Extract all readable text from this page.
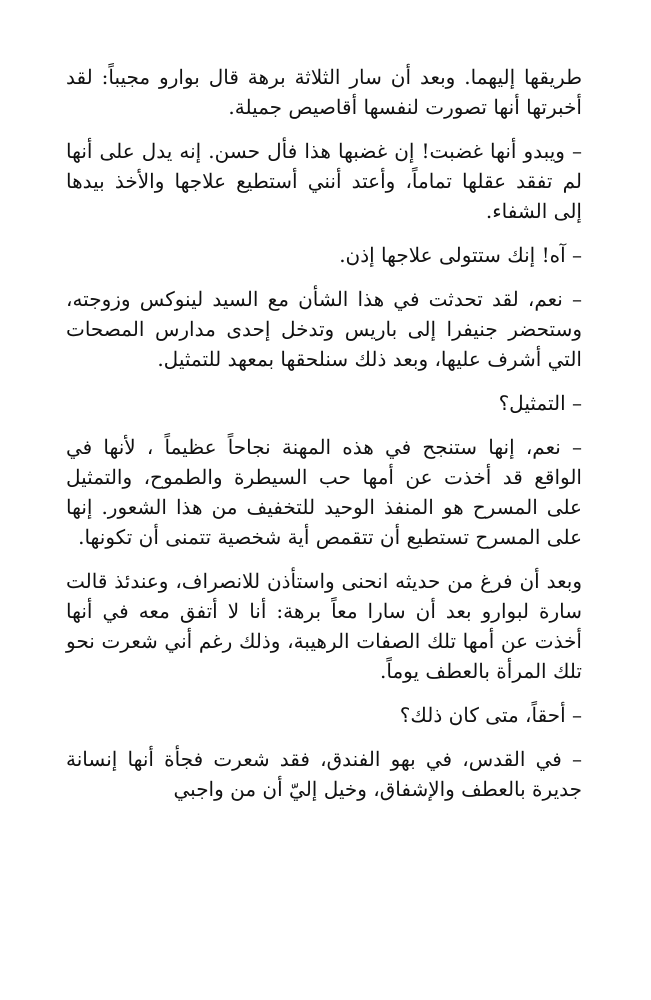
طريقها إليهما. وبعد أن سار الثلاثة برهة قال بوارو مجيباً: لقد أخبرتها أنها تصورت لنفسها أقاصيص جميلة.

– ويبدو أنها غضبت! إن غضبها هذا فأل حسن. إنه يدل على أنها لم تفقد عقلها تماماً، وأعتد أنني أستطيع علاجها والأخذ بيدها إلى الشفاء.

– آه! إنك ستتولى علاجها إذن.

– نعم، لقد تحدثت في هذا الشأن مع السيد لينوكس وزوجته، وستحضر جنيفرا إلى باريس وتدخل إحدى مدارس المصحات التي أشرف عليها، وبعد ذلك سنلحقها بمعهد للتمثيل.

– التمثيل؟

– نعم، إنها ستنجح في هذه المهنة نجاحاً عظيماً ، لأنها في الواقع قد أخذت عن أمها حب السيطرة والطموح، والتمثيل على المسرح هو المنفذ الوحيد للتخفيف من هذا الشعور. إنها على المسرح تستطيع أن تتقمص أية شخصية تتمنى أن تكونها.

وبعد أن فرغ من حديثه انحنى واستأذن للانصراف، وعندئذ قالت سارة لبوارو بعد أن سارا معاً برهة: أنا لا أتفق معه في أنها أخذت عن أمها تلك الصفات الرهيبة، وذلك رغم أني شعرت نحو تلك المرأة بالعطف يوماً.

– أحقاً، متى كان ذلك؟

– في القدس، في بهو الفندق، فقد شعرت فجأة أنها إنسانة جديرة بالعطف والإشفاق، وخيل إليّ أن من واجبي
